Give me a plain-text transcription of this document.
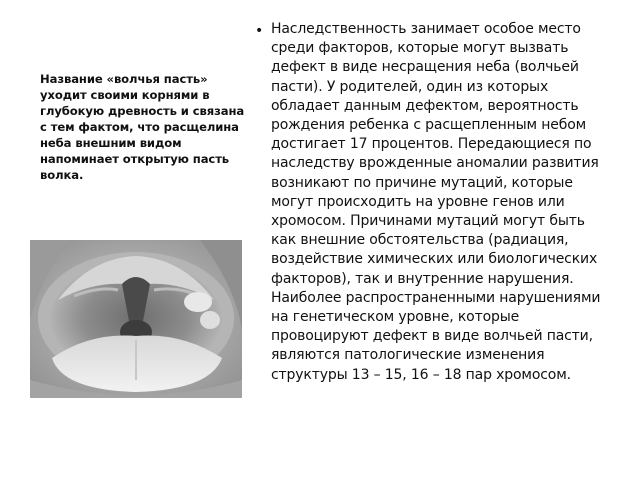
Название «волчья пасть» уходит своими корнями в глубокую древность и связана с тем фактом, что расщелина неба внешним видом напоминает открытую пасть волка.

• Наследственность занимает особое место среди факторов, которые могут вызвать дефект в виде несращения неба (волчьей пасти). У родителей, один из которых обладает данным дефектом, вероятность рождения ребенка с расщепленным небом достигает 17 процентов. Передающиеся по наследству врожденные аномалии развития возникают по причине мутаций, которые могут происходить на уровне генов или хромосом. Причинами мутаций могут быть как внешние обстоятельства (радиация, воздействие химических или биологических факторов), так и внутренние нарушения. Наиболее распространенными нарушениями на генетическом уровне, которые провоцируют дефект в виде волчьей пасти, являются патологические изменения структуры 13 – 15, 16 – 18 пар хромосом.
